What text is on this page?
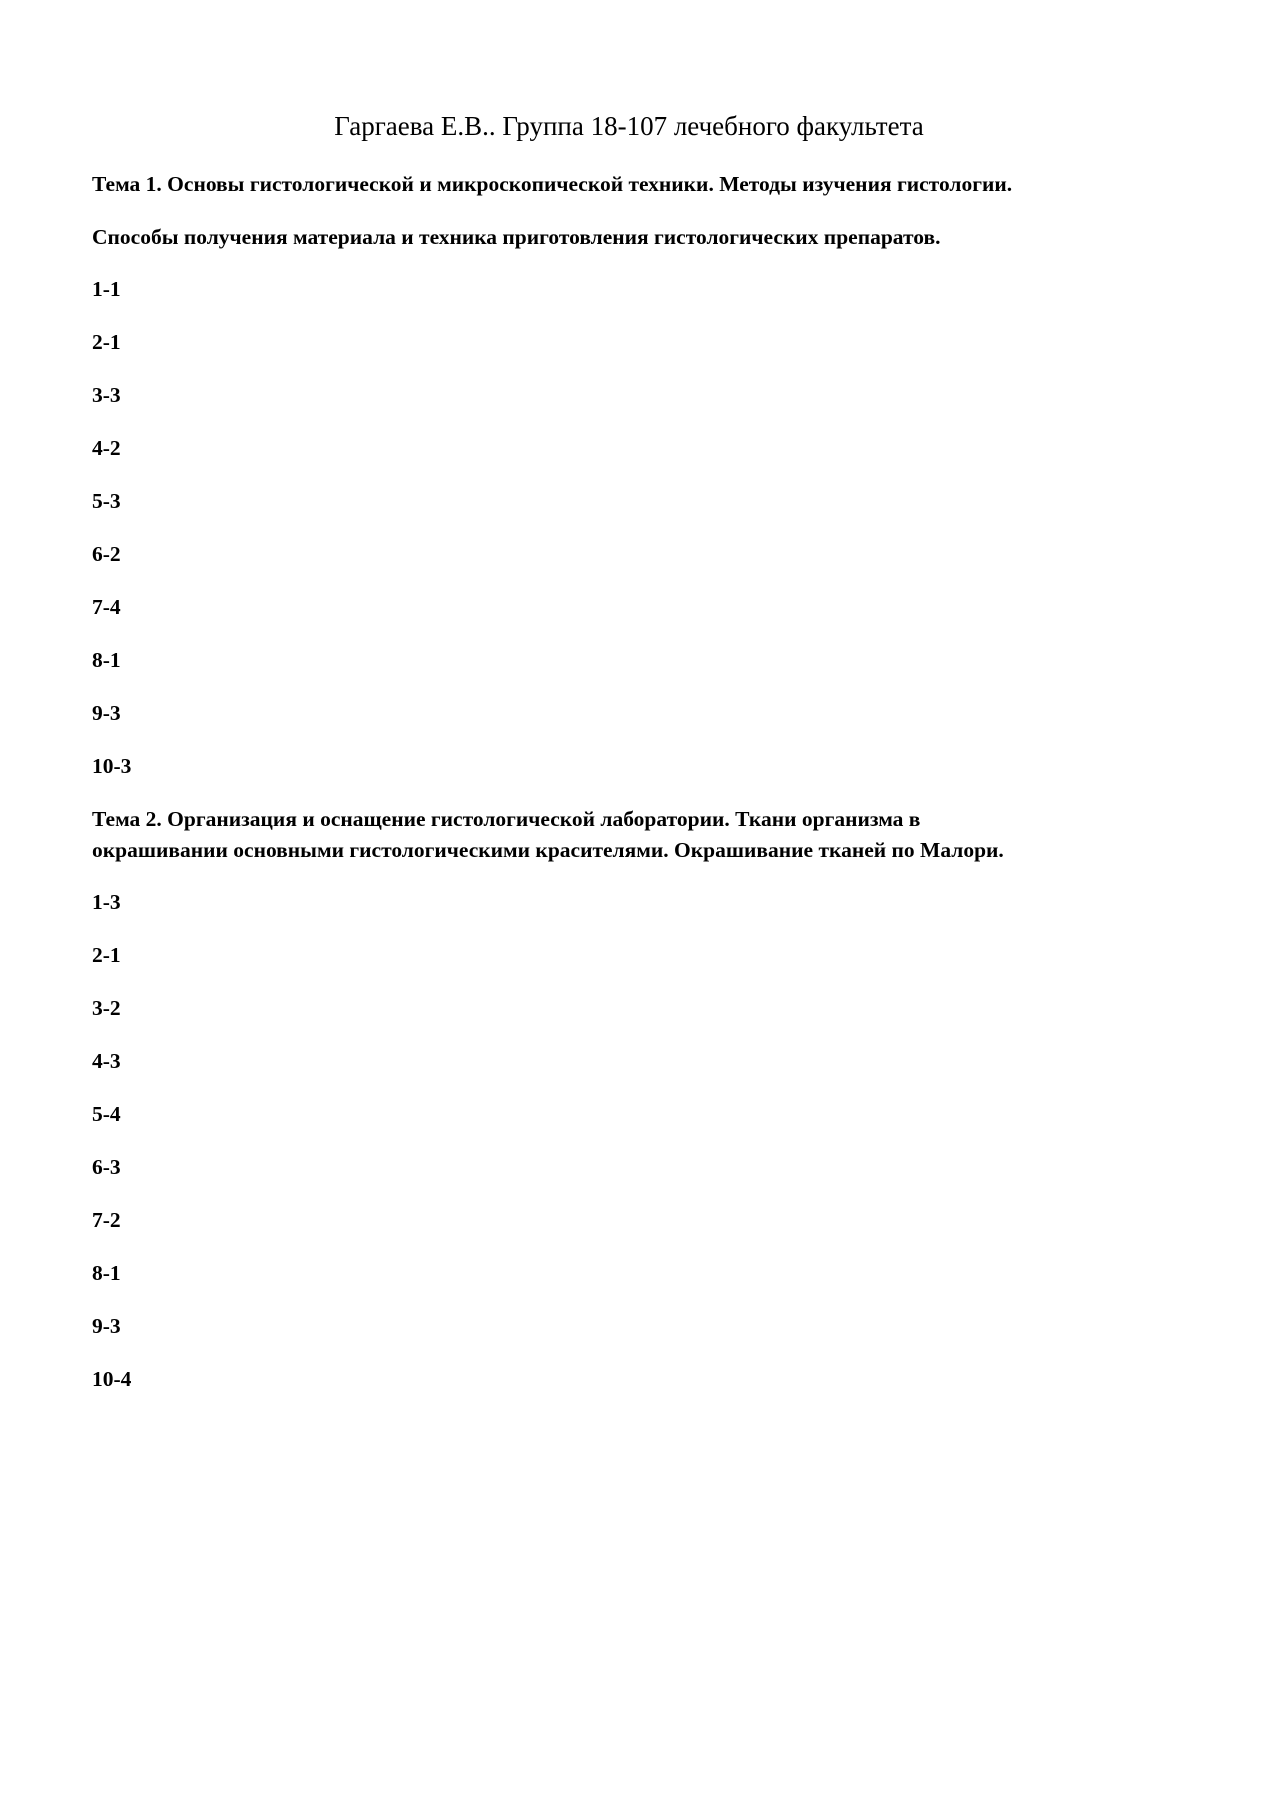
Гаргаева Е.В.. Группа 18-107 лечебного факультета

Тема 1. Основы гистологической и микроскопической техники. Методы изучения гистологии.

Способы получения материала и техника приготовления гистологических препаратов.

1-1

2-1

3-3

4-2

5-3

6-2

7-4

8-1

9-3

10-3

Тема 2. Организация и оснащение гистологической лаборатории. Ткани организма в

окрашивании основными гистологическими красителями. Окрашивание тканей по Малори.

1-3

2-1

3-2

4-3

5-4

6-3

7-2

8-1

9-3

10-4
